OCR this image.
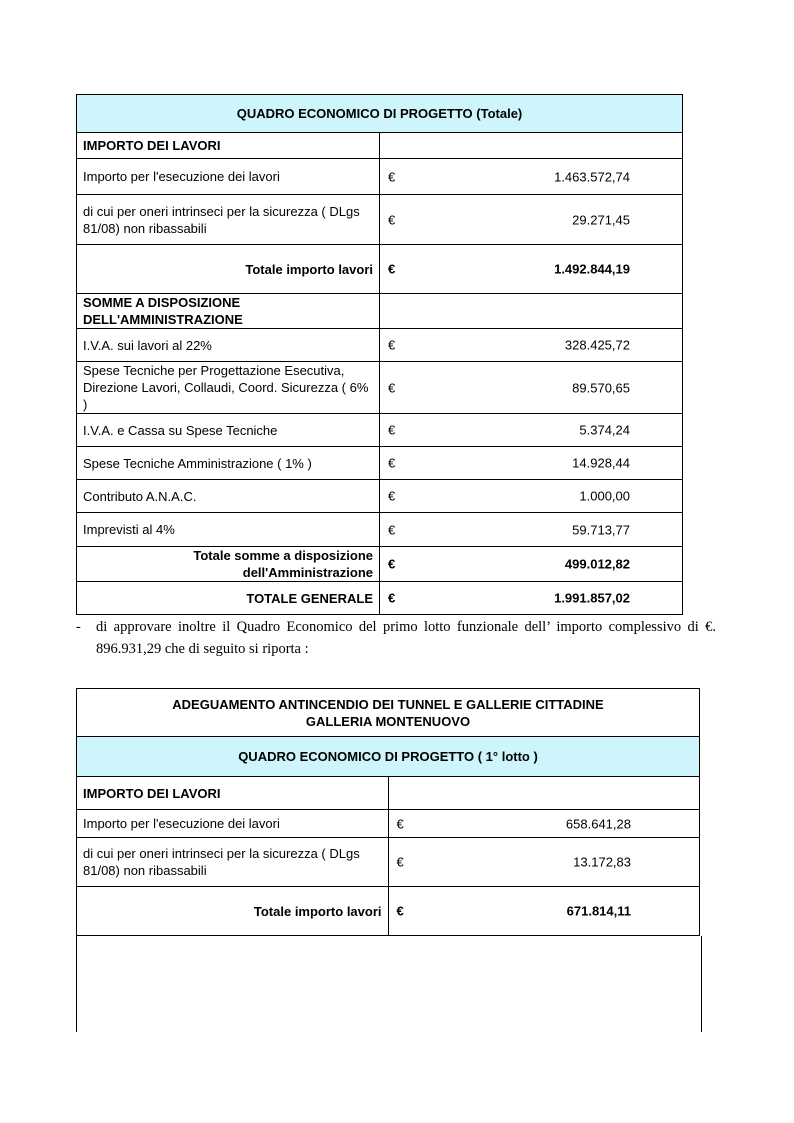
QUADRO ECONOMICO DI PROGETTO (Totale)	
IMPORTO DEI LAVORI	
Importo per l'esecuzione dei lavori	€ 1.463.572,74

di cui per oneri intrinseci per la sicurezza ( DLgs 81/08) non ribassabili	€ 29.271,45

Totale importo lavori	€ 1.492.844,19

SOMME A DISPOSIZIONE DELL'AMMINISTRAZIONE	
I.V.A. sui lavori al 22%	€ 328.425,72

Spese Tecniche per Progettazione Esecutiva, Direzione Lavori, Collaudi, Coord. Sicurezza ( 6% )	€ 89.570,65

I.V.A. e Cassa su Spese Tecniche	€ 5.374,24

Spese Tecniche Amministrazione ( 1% )	€ 14.928,44

Contributo A.N.A.C.	€ 1.000,00

Imprevisti al 4%	€ 59.713,77

Totale somme a disposizione dell'Amministrazione	€ 499.012,82

TOTALE GENERALE	€ 1.991.857,02
-	di approvare inoltre il Quadro Economico del primo lotto funzionale dell’ importo complessivo di €. 896.931,29 che di seguito si riporta :
ADEGUAMENTO ANTINCENDIO DEI TUNNEL E GALLERIE CITTADINE
GALLERIA MONTENUOVO	

QUADRO ECONOMICO DI PROGETTO ( 1° lotto )	
IMPORTO DEI LAVORI	
Importo per l'esecuzione dei lavori	€ 658.641,28

di cui per oneri intrinseci per la sicurezza ( DLgs 81/08) non ribassabili	€ 13.172,83

Totale importo lavori	€ 671.814,11
